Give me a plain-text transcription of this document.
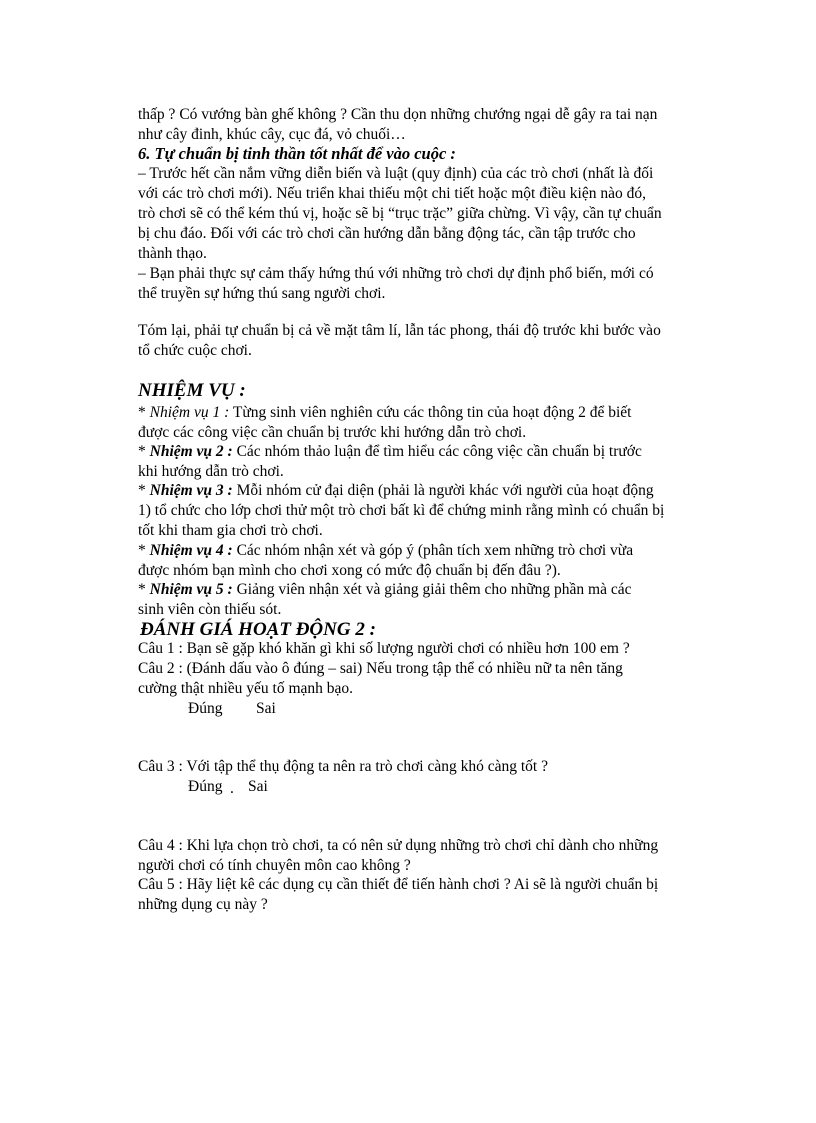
thấp ? Có vướng bàn ghế không ? Cần thu dọn những chướng ngại dễ gây ra tai nạn
như cây đinh, khúc cây, cục đá, vỏ chuối…
6. Tự chuẩn bị tinh thần tốt nhất để vào cuộc :
– Trước hết cần nắm vững diễn biến và luật (quy định) của các trò chơi (nhất là đối
với các trò chơi mới). Nếu triển khai thiếu một chi tiết hoặc một điều kiện nào đó,
trò chơi sẽ có thể kém thú vị, hoặc sẽ bị “trục trặc” giữa chừng. Vì vậy, cần tự chuẩn
bị chu đáo. Đối với các trò chơi cần hướng dẫn bằng động tác, cần tập trước cho
thành thạo.
– Bạn phải thực sự cảm thấy hứng thú với những trò chơi dự định phổ biến, mới có
thể truyền sự hứng thú sang người chơi.
Tóm lại, phải tự chuẩn bị cả về mặt tâm lí, lẫn tác phong, thái độ trước khi bước vào
tổ chức cuộc chơi.
NHIỆM VỤ :
* Nhiệm vụ 1 : Từng sinh viên nghiên cứu các thông tin của hoạt động 2 để biết
được các công việc cần chuẩn bị trước khi hướng dẫn trò chơi.
* Nhiệm vụ 2 : Các nhóm thảo luận để tìm hiểu các công việc cần chuẩn bị trước
khi hướng dẫn trò chơi.
* Nhiệm vụ 3 : Mỗi nhóm cử đại diện (phải là người khác với người của hoạt động
1) tổ chức cho lớp chơi thử một trò chơi bất kì để chứng minh rằng mình có chuẩn bị
tốt khi tham gia chơi trò chơi.
* Nhiệm vụ 4 : Các nhóm nhận xét và góp ý (phân tích xem những trò chơi vừa
được nhóm bạn mình cho chơi xong có mức độ chuẩn bị đến đâu ?).
* Nhiệm vụ 5 : Giảng viên nhận xét và giảng giải thêm cho những phần mà các
sinh viên còn thiếu sót.
ĐÁNH GIÁ HOẠT ĐỘNG 2 :
Câu 1 : Bạn sẽ gặp khó khăn gì khi số lượng người chơi có nhiều hơn 100 em ?
Câu 2 : (Đánh dấu vào ô đúng – sai) Nếu trong tập thể có nhiều nữ ta nên tăng
cường thật nhiều yếu tố mạnh bạo.
Đúng Sai
Câu 3 : Với tập thể thụ động ta nên ra trò chơi càng khó càng tốt ?
Đúng . Sai
Câu 4 : Khi lựa chọn trò chơi, ta có nên sử dụng những trò chơi chỉ dành cho những
người chơi có tính chuyên môn cao không ?
Câu 5 : Hãy liệt kê các dụng cụ cần thiết để tiến hành chơi ? Ai sẽ là người chuẩn bị
những dụng cụ này ?
